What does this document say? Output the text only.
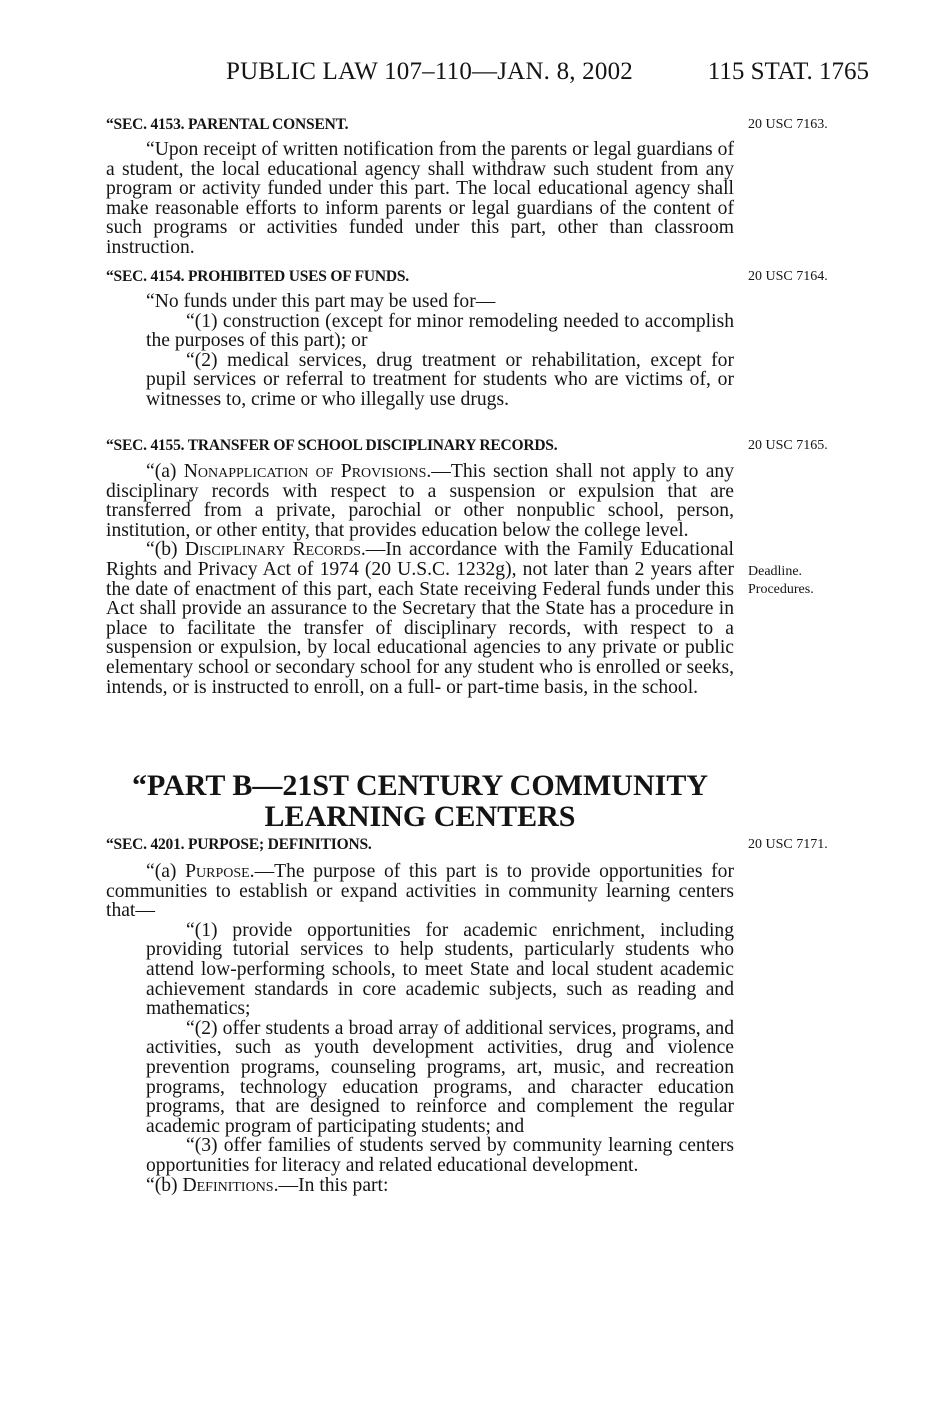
PUBLIC LAW 107–110—JAN. 8, 2002	115 STAT. 1765
“SEC. 4153. PARENTAL CONSENT.	20 USC 7163.

“Upon receipt of written notification from the parents or legal guardians of a student, the local educational agency shall withdraw such student from any program or activity funded under this part. The local educational agency shall make reasonable efforts to inform parents or legal guardians of the content of such programs or activities funded under this part, other than classroom instruction.

“SEC. 4154. PROHIBITED USES OF FUNDS.	20 USC 7164.

“No funds under this part may be used for—

“(1) construction (except for minor remodeling needed to accomplish the purposes of this part); or

“(2) medical services, drug treatment or rehabilitation, except for pupil services or referral to treatment for students who are victims of, or witnesses to, crime or who illegally use drugs.

“SEC. 4155. TRANSFER OF SCHOOL DISCIPLINARY RECORDS.	20 USC 7165.

“(a) Nonapplication of Provisions.—This section shall not apply to any disciplinary records with respect to a suspension or expulsion that are transferred from a private, parochial or other nonpublic school, person, institution, or other entity, that provides education below the college level.

“(b) Disciplinary Records.—In accordance with the Family Educational Rights and Privacy Act of 1974 (20 U.S.C. 1232g), not later than 2 years after the date of enactment of this part, each State receiving Federal funds under this Act shall provide an assurance to the Secretary that the State has a procedure in place to facilitate the transfer of disciplinary records, with respect to a suspension or expulsion, by local educational agencies to any private or public elementary school or secondary school for any student who is enrolled or seeks, intends, or is instructed to enroll, on a full- or part-time basis, in the school.

Deadline.
Procedures.
“PART B—21ST CENTURY COMMUNITY
LEARNING CENTERS
“SEC. 4201. PURPOSE; DEFINITIONS.	20 USC 7171.

“(a) Purpose.—The purpose of this part is to provide opportunities for communities to establish or expand activities in community learning centers that—

“(1) provide opportunities for academic enrichment, including providing tutorial services to help students, particularly students who attend low-performing schools, to meet State and local student academic achievement standards in core academic subjects, such as reading and mathematics;

“(2) offer students a broad array of additional services, programs, and activities, such as youth development activities, drug and violence prevention programs, counseling programs, art, music, and recreation programs, technology education programs, and character education programs, that are designed to reinforce and complement the regular academic program of participating students; and

“(3) offer families of students served by community learning centers opportunities for literacy and related educational development.

“(b) Definitions.—In this part:
